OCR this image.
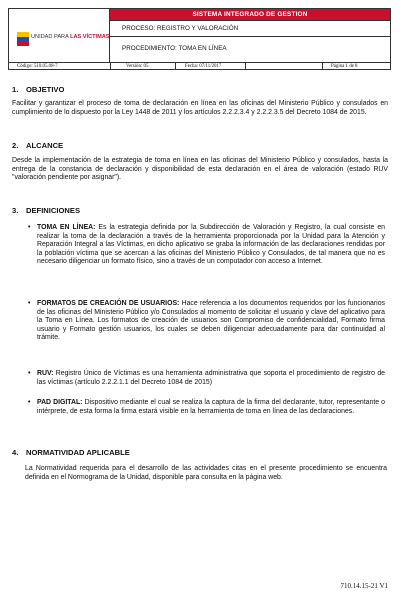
UNIDAD PARA LAS VÍCTIMAS
SISTEMA INTEGRADO DE GESTION
PROCESO: REGISTRO Y VALORACIÓN
PROCEDIMIENTO: TOMA EN LÍNEA
Código: 510.05.08-7	Versión: 05	Fecha: 07/11/2017	Página 1 de 8
1. OBJETIVO
Facilitar y garantizar el proceso de toma de declaración en línea en las oficinas del Ministerio Público y consulados en cumplimiento de lo dispuesto por la Ley 1448 de 2011 y los artículos 2.2.2.3.4 y 2.2.2.3.5 del Decreto 1084 de 2015.
2. ALCANCE
Desde la implementación de la estrategia de toma en línea en las oficinas del Ministerio Público y consulados, hasta la entrega de la constancia de declaración y disponibilidad de esta declaración en el área de valoración (estado RUV "valoración pendiente por asignar").
3. DEFINICIONES
• TOMA EN LÍNEA: Es la estrategia definida por la Subdirección de Valoración y Registro, la cual consiste en realizar la toma de la declaración a través de la herramienta proporcionada por la Unidad para la Atención y Reparación Integral a las Víctimas, en dicho aplicativo se graba la información de las declaraciones rendidas por la población víctima que se acercan a las oficinas del Ministerio Público y Consulados, de tal manera que no es necesario diligenciar un formato físico, sino a través de un computador con acceso a Internet.
• FORMATOS DE CREACIÓN DE USUARIOS: Hace referencia a los documentos requeridos por los funcionarios de las oficinas del Ministerio Público y/o Consulados al momento de solicitar el usuario y clave del aplicativo para la Toma en Línea. Los formatos de creación de usuarios son Compromiso de confidencialidad, Formato firma usuario y Formato gestión usuarios, los cuales se deben diligenciar adecuadamente para dar continuidad al trámite.
• RUV: Registro Único de Víctimas es una herramienta administrativa que soporta el procedimiento de registro de las víctimas (artículo 2.2.2.1.1 del Decreto 1084 de 2015)
• PAD DIGITAL: Dispositivo mediante el cual se realiza la captura de la firma del declarante, tutor, representante o intérprete, de esta forma la firma estará visible en la herramienta de toma en línea de las declaraciones.
4. NORMATIVIDAD APLICABLE
La Normatividad requerida para el desarrollo de las actividades citas en el presente procedimiento se encuentra definida en el Normograma de la Unidad, disponible para consulta en la página web.
710.14.15-21 V1
